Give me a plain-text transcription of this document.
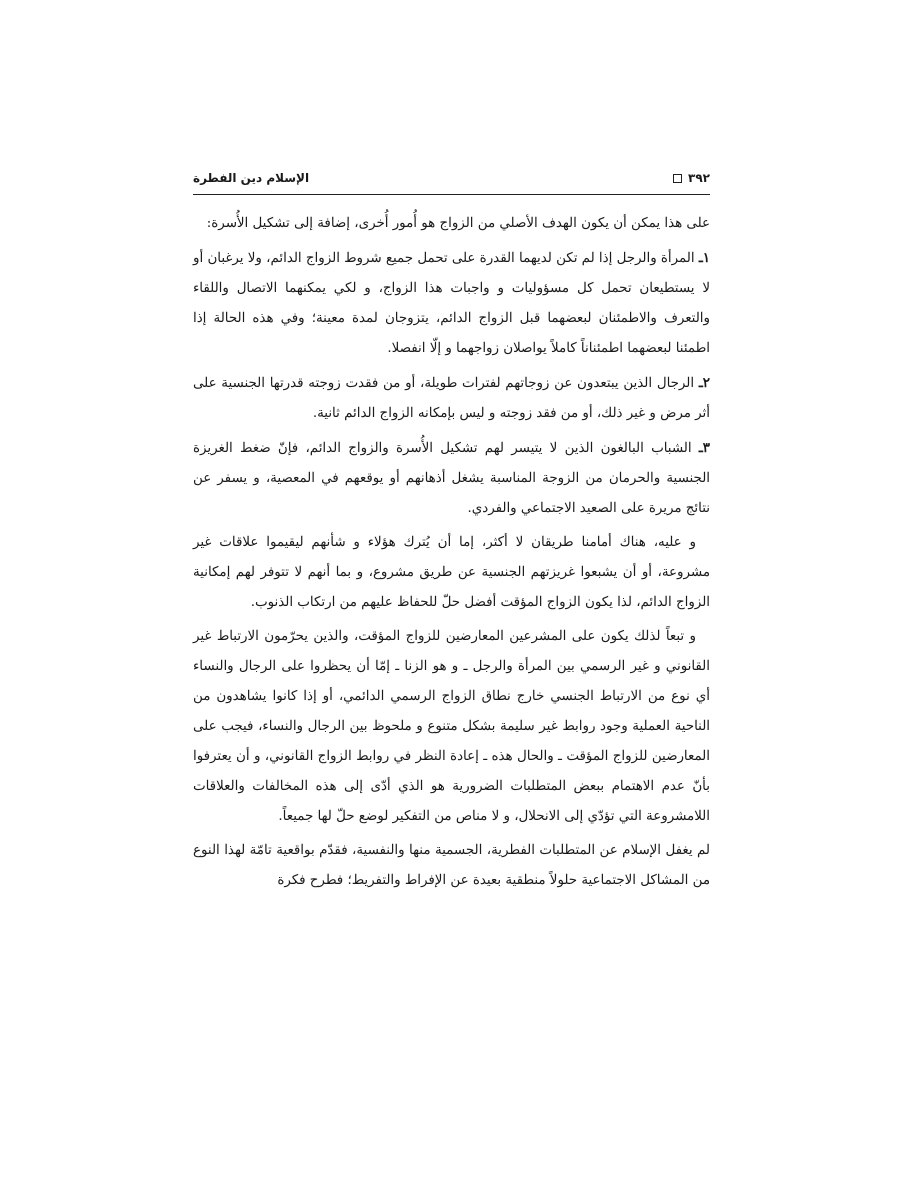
٣٩٢
الإسلام دين الفطرة

على هذا يمكن أن يكون الهدف الأصلي من الزواج هو أُمور أُخرى، إضافة إلى تشكيل الأُسرة:

١ـ المرأة والرجل إذا لم تكن لديهما القدرة على تحمل جميع شروط الزواج الدائم، ولا يرغبان أو لا يستطيعان تحمل كل مسؤوليات و واجبات هذا الزواج، و لكي يمكنهما الاتصال واللقاء والتعرف والاطمئنان لبعضهما قبل الزواج الدائم، يتزوجان لمدة معينة؛ وفي هذه الحالة إذا اطمئنا لبعضهما اطمئناناً كاملاً يواصلان زواجهما و إلّا انفصلا.

٢ـ الرجال الذين يبتعدون عن زوجاتهم لفترات طويلة، أو من فقدت زوجته قدرتها الجنسية على أثر مرض و غير ذلك، أو من فقد زوجته و ليس بإمكانه الزواج الدائم ثانية.

٣ـ الشباب البالغون الذين لا يتيسر لهم تشكيل الأُسرة والزواج الدائم، فإنّ ضغط الغريزة الجنسية والحرمان من الزوجة المناسبة يشغل أذهانهم أو يوقعهم في المعصية، و يسفر عن نتائج مريرة على الصعيد الاجتماعي والفردي.

و عليه، هناك أمامنا طريقان لا أكثر، إما أن يُترك هؤلاء و شأنهم ليقيموا علاقات غير مشروعة، أو أن يشبعوا غريزتهم الجنسية عن طريق مشروع، و بما أنهم لا تتوفر لهم إمكانية الزواج الدائم، لذا يكون الزواج المؤقت أفضل حلّ للحفاظ عليهم من ارتكاب الذنوب.

و تبعاً لذلك يكون على المشرعين المعارضين للزواج المؤقت، والذين يحرّمون الارتباط غير القانوني و غير الرسمي بين المرأة والرجل ـ و هو الزنا ـ إمّا أن يحظروا على الرجال والنساء أي نوع من الارتباط الجنسي خارج نطاق الزواج الرسمي الدائمي، أو إذا كانوا يشاهدون من الناحية العملية وجود روابط غير سليمة بشكل متنوع و ملحوظ بين الرجال والنساء، فيجب على المعارضين للزواج المؤقت ـ والحال هذه ـ إعادة النظر في روابط الزواج القانوني، و أن يعترفوا بأنّ عدم الاهتمام ببعض المتطلبات الضرورية هو الذي أدّى إلى هذه المخالفات والعلاقات اللامشروعة التي تؤدّي إلى الانحلال، و لا مناص من التفكير لوضع حلّ لها جميعاً.

لم يغفل الإسلام عن المتطلبات الفطرية، الجسمية منها والنفسية، فقدّم بواقعية تامّة لهذا النوع من المشاكل الاجتماعية حلولاً منطقية بعيدة عن الإفراط والتفريط؛ فطرح فكرة
